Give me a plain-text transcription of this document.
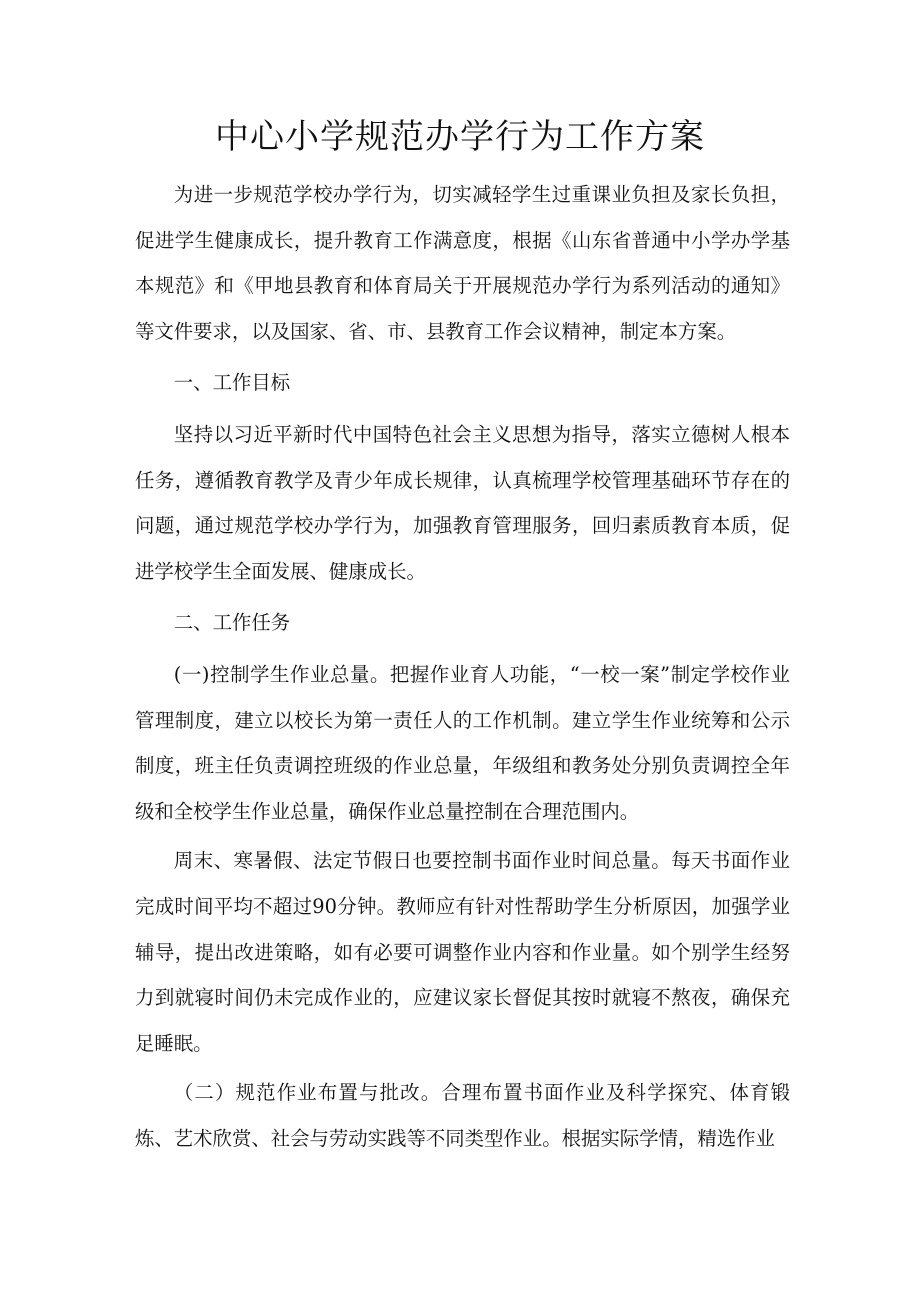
中心小学规范办学行为工作方案

为进一步规范学校办学行为，切实减轻学生过重课业负担及家长负担，促进学生健康成长，提升教育工作满意度，根据《山东省普通中小学办学基本规范》和《甲地县教育和体育局关于开展规范办学行为系列活动的通知》等文件要求，以及国家、省、市、县教育工作会议精神，制定本方案。

一、工作目标

坚持以习近平新时代中国特色社会主义思想为指导，落实立德树人根本任务，遵循教育教学及青少年成长规律，认真梳理学校管理基础环节存在的问题，通过规范学校办学行为，加强教育管理服务，回归素质教育本质，促进学校学生全面发展、健康成长。

二、工作任务

(一)控制学生作业总量。把握作业育人功能，“一校一案”制定学校作业管理制度，建立以校长为第一责任人的工作机制。建立学生作业统筹和公示制度，班主任负责调控班级的作业总量，年级组和教务处分别负责调控全年级和全校学生作业总量，确保作业总量控制在合理范围内。

周末、寒暑假、法定节假日也要控制书面作业时间总量。每天书面作业完成时间平均不超过90分钟。教师应有针对性帮助学生分析原因，加强学业辅导，提出改进策略，如有必要可调整作业内容和作业量。如个别学生经努力到就寝时间仍未完成作业的，应建议家长督促其按时就寝不熬夜，确保充足睡眠。

（二）规范作业布置与批改。合理布置书面作业及科学探究、体育锻炼、艺术欣赏、社会与劳动实践等不同类型作业。根据实际学情，精选作业
